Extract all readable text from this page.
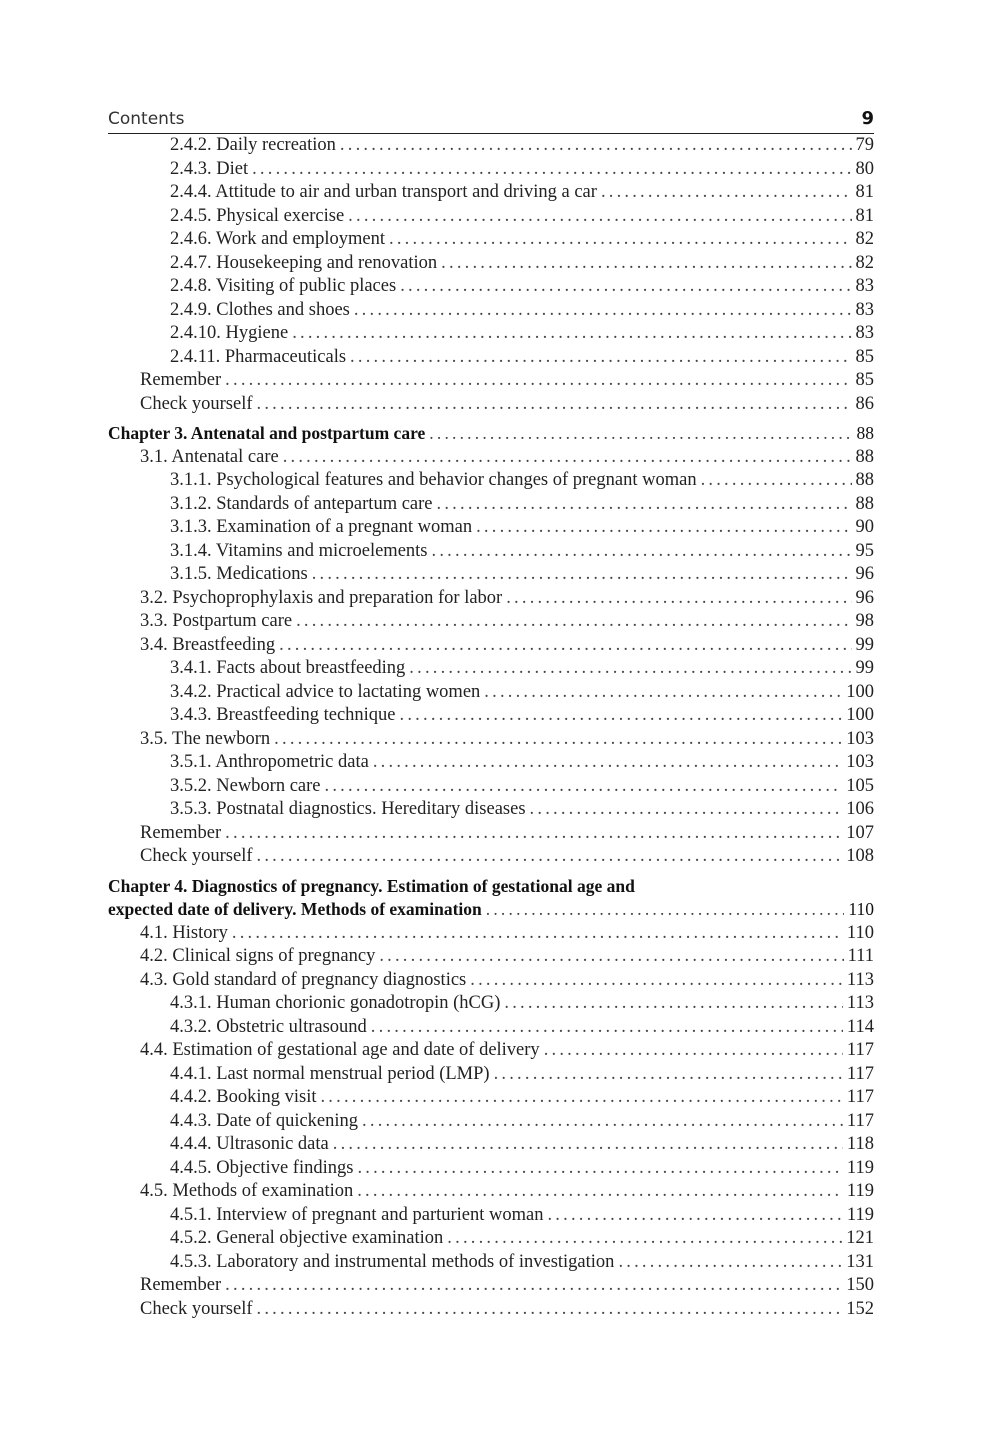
Contents	9
2.4.2. Daily recreation .....	79
2.4.3. Diet .....	80
2.4.4. Attitude to air and urban transport and driving a car .....	81
2.4.5. Physical exercise .....	81
2.4.6. Work and employment .....	82
2.4.7. Housekeeping and renovation .....	82
2.4.8. Visiting of public places .....	83
2.4.9. Clothes and shoes .....	83
2.4.10. Hygiene .....	83
2.4.11. Pharmaceuticals .....	85
Remember .....	85
Check yourself .....	86
Chapter 3. Antenatal and postpartum care .....	88
3.1. Antenatal care .....	88
3.1.1. Psychological features and behavior changes of pregnant woman .....	88
3.1.2. Standards of antepartum care .....	88
3.1.3. Examination of a pregnant woman .....	90
3.1.4. Vitamins and microelements .....	95
3.1.5. Medications .....	96
3.2. Psychoprophylaxis and preparation for labor .....	96
3.3. Postpartum care .....	98
3.4. Breastfeeding .....	99
3.4.1. Facts about breastfeeding .....	99
3.4.2. Practical advice to lactating women .....	100
3.4.3. Breastfeeding technique .....	100
3.5. The newborn .....	103
3.5.1. Anthropometric data .....	103
3.5.2. Newborn care .....	105
3.5.3. Postnatal diagnostics. Hereditary diseases .....	106
Remember .....	107
Check yourself .....	108
Chapter 4. Diagnostics of pregnancy. Estimation of gestational age and
expected date of delivery. Methods of examination .....	110
4.1. History .....	110
4.2. Clinical signs of pregnancy .....	111
4.3. Gold standard of pregnancy diagnostics .....	113
4.3.1. Human chorionic gonadotropin (hCG) .....	113
4.3.2. Obstetric ultrasound .....	114
4.4. Estimation of gestational age and date of delivery .....	117
4.4.1. Last normal menstrual period (LMP) .....	117
4.4.2. Booking visit .....	117
4.4.3. Date of quickening .....	117
4.4.4. Ultrasonic data .....	118
4.4.5. Objective findings .....	119
4.5. Methods of examination .....	119
4.5.1. Interview of pregnant and parturient woman .....	119
4.5.2. General objective examination .....	121
4.5.3. Laboratory and instrumental methods of investigation .....	131
Remember .....	150
Check yourself .....	152
